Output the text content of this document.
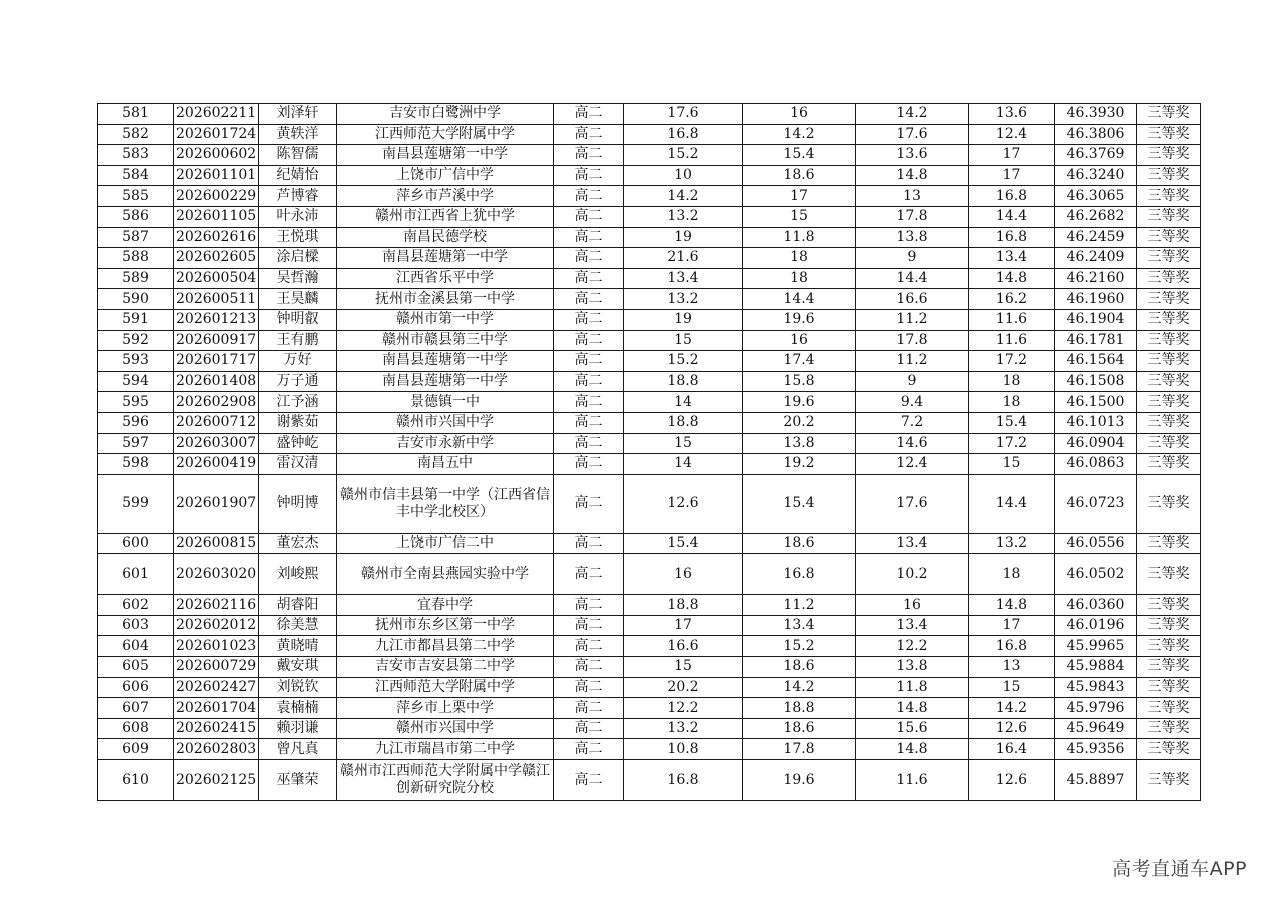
581	202602211	刘泽轩	吉安市白鹭洲中学	高二	17.6	16	14.2	13.6	46.3930	三等奖
582	202601724	黄轶洋	江西师范大学附属中学	高二	16.8	14.2	17.6	12.4	46.3806	三等奖
583	202600602	陈智儒	南昌县莲塘第一中学	高二	15.2	15.4	13.6	17	46.3769	三等奖
584	202601101	纪婧怡	上饶市广信中学	高二	10	18.6	14.8	17	46.3240	三等奖
585	202600229	芦博睿	萍乡市芦溪中学	高二	14.2	17	13	16.8	46.3065	三等奖
586	202601105	叶永沛	赣州市江西省上犹中学	高二	13.2	15	17.8	14.4	46.2682	三等奖
587	202602616	王悦琪	南昌民德学校	高二	19	11.8	13.8	16.8	46.2459	三等奖
588	202602605	涂启樑	南昌县莲塘第一中学	高二	21.6	18	9	13.4	46.2409	三等奖
589	202600504	吴哲瀚	江西省乐平中学	高二	13.4	18	14.4	14.8	46.2160	三等奖
590	202600511	王昊麟	抚州市金溪县第一中学	高二	13.2	14.4	16.6	16.2	46.1960	三等奖
591	202601213	钟明叡	赣州市第一中学	高二	19	19.6	11.2	11.6	46.1904	三等奖
592	202600917	王有鹏	赣州市赣县第三中学	高二	15	16	17.8	11.6	46.1781	三等奖
593	202601717	万好	南昌县莲塘第一中学	高二	15.2	17.4	11.2	17.2	46.1564	三等奖
594	202601408	万子通	南昌县莲塘第一中学	高二	18.8	15.8	9	18	46.1508	三等奖
595	202602908	江予涵	景德镇一中	高二	14	19.6	9.4	18	46.1500	三等奖
596	202600712	谢紫茹	赣州市兴国中学	高二	18.8	20.2	7.2	15.4	46.1013	三等奖
597	202603007	盛钟屹	吉安市永新中学	高二	15	13.8	14.6	17.2	46.0904	三等奖
598	202600419	雷汉清	南昌五中	高二	14	19.2	12.4	15	46.0863	三等奖
599	202601907	钟明博	赣州市信丰县第一中学（江西省信丰中学北校区）	高二	12.6	15.4	17.6	14.4	46.0723	三等奖
600	202600815	董宏杰	上饶市广信二中	高二	15.4	18.6	13.4	13.2	46.0556	三等奖
601	202603020	刘峻熙	赣州市全南县燕园实验中学	高二	16	16.8	10.2	18	46.0502	三等奖
602	202602116	胡睿阳	宜春中学	高二	18.8	11.2	16	14.8	46.0360	三等奖
603	202602012	徐美慧	抚州市东乡区第一中学	高二	17	13.4	13.4	17	46.0196	三等奖
604	202601023	黄晓晴	九江市都昌县第二中学	高二	16.6	15.2	12.2	16.8	45.9965	三等奖
605	202600729	戴安琪	吉安市吉安县第二中学	高二	15	18.6	13.8	13	45.9884	三等奖
606	202602427	刘锐钦	江西师范大学附属中学	高二	20.2	14.2	11.8	15	45.9843	三等奖
607	202601704	袁楠楠	萍乡市上栗中学	高二	12.2	18.8	14.8	14.2	45.9796	三等奖
608	202602415	赖羽谦	赣州市兴国中学	高二	13.2	18.6	15.6	12.6	45.9649	三等奖
609	202602803	曾凡真	九江市瑞昌市第二中学	高二	10.8	17.8	14.8	16.4	45.9356	三等奖
610	202602125	巫肇荣	赣州市江西师范大学附属中学赣江创新研究院分校	高二	16.8	19.6	11.6	12.6	45.8897	三等奖
高考直通车APP
